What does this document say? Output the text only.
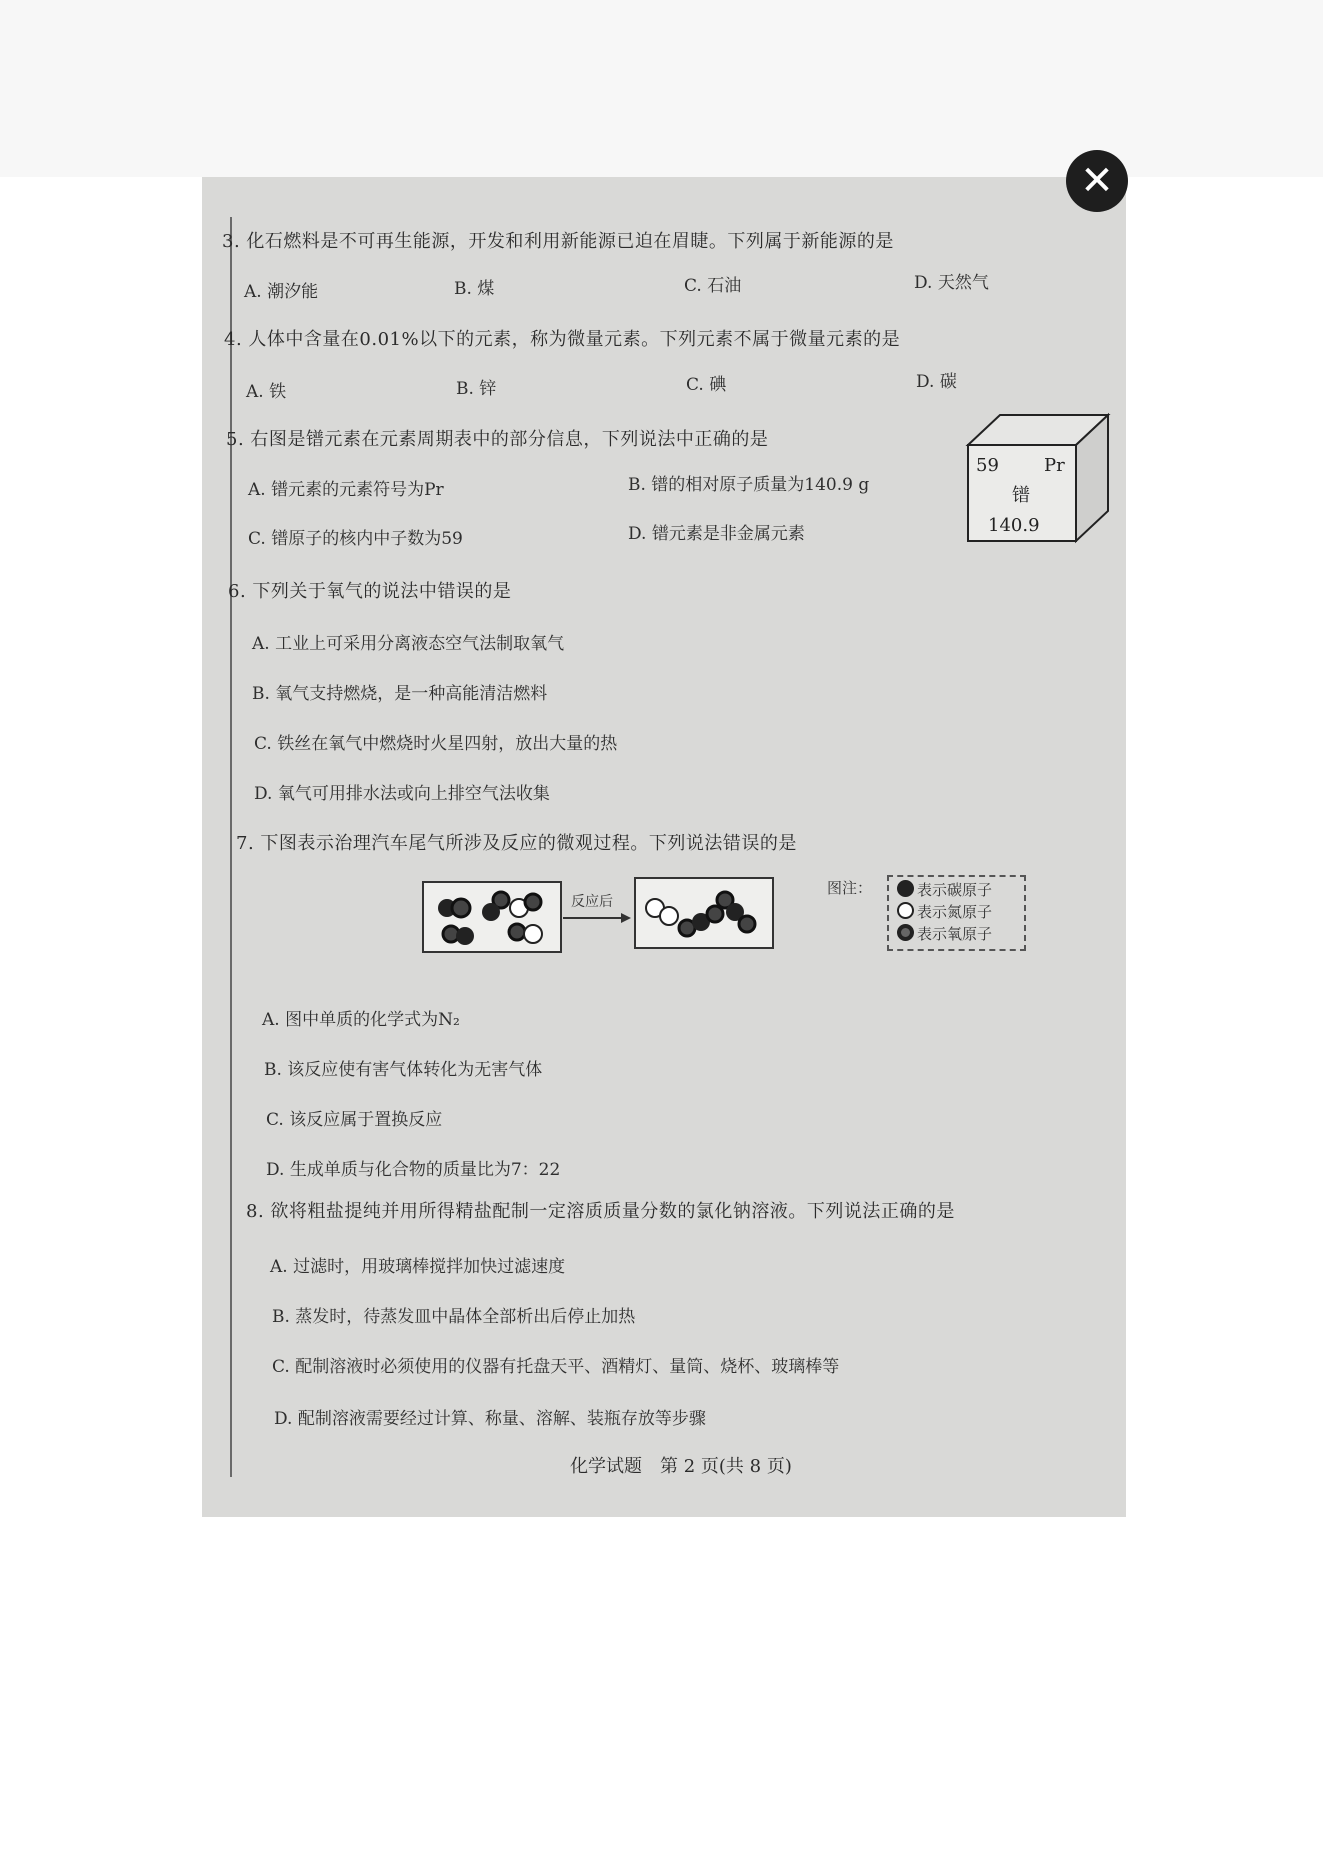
3. 化石燃料是不可再生能源，开发和利用新能源已迫在眉睫。下列属于新能源的是
A. 潮汐能	B. 煤	C. 石油	D. 天然气
4. 人体中含量在0.01%以下的元素，称为微量元素。下列元素不属于微量元素的是
A. 铁	B. 锌	C. 碘	D. 碳
5. 右图是镨元素在元素周期表中的部分信息，下列说法中正确的是
A. 镨元素的元素符号为Pr	B. 镨的相对原子质量为140.9 g
C. 镨原子的核内中子数为59	D. 镨元素是非金属元素
59	Pr
镨
140.9
6. 下列关于氧气的说法中错误的是
A. 工业上可采用分离液态空气法制取氧气
B. 氧气支持燃烧，是一种高能清洁燃料
C. 铁丝在氧气中燃烧时火星四射，放出大量的热
D. 氧气可用排水法或向上排空气法收集
7. 下图表示治理汽车尾气所涉及反应的微观过程。下列说法错误的是
反应后
图注：	表示碳原子
表示氮原子
表示氧原子
A. 图中单质的化学式为N₂
B. 该反应使有害气体转化为无害气体
C. 该反应属于置换反应
D. 生成单质与化合物的质量比为7：22
8. 欲将粗盐提纯并用所得精盐配制一定溶质质量分数的氯化钠溶液。下列说法正确的是
A. 过滤时，用玻璃棒搅拌加快过滤速度
B. 蒸发时，待蒸发皿中晶体全部析出后停止加热
C. 配制溶液时必须使用的仪器有托盘天平、酒精灯、量筒、烧杯、玻璃棒等
D. 配制溶液需要经过计算、称量、溶解、装瓶存放等步骤
化学试题　第 2 页(共 8 页)
✕
